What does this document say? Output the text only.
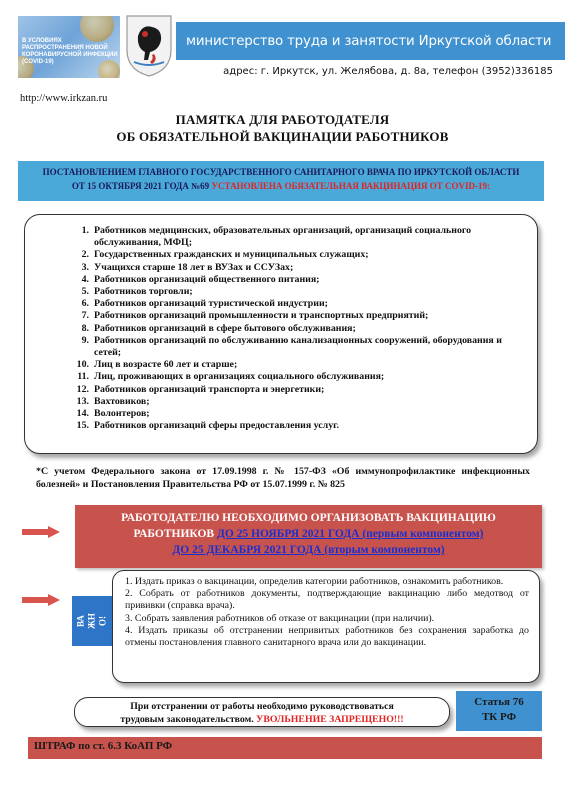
В УСЛОВИЯХ РАСПРОСТРАНЕНИЯ НОВОЙ КОРОНАВИРУСНОЙ ИНФЕКЦИИ (COVID-19)
министерство труда и занятости Иркутской области
адрес: г. Иркутск, ул. Желябова, д. 8а, телефон (3952)336185
http://www.irkzan.ru
ПАМЯТКА ДЛЯ РАБОТОДАТЕЛЯ
ОБ ОБЯЗАТЕЛЬНОЙ ВАКЦИНАЦИИ РАБОТНИКОВ
ПОСТАНОВЛЕНИЕМ ГЛАВНОГО ГОСУДАРСТВЕННОГО САНИТАРНОГО ВРАЧА ПО ИРКУТСКОЙ ОБЛАСТИ
ОТ 15 ОКТЯБРЯ 2021 ГОДА №69 УСТАНОВЛЕНА ОБЯЗАТЕЛЬНАЯ ВАКЦИНАЦИЯ ОТ COVID-19:
1. Работников медицинских, образовательных организаций, организаций социального обслуживания, МФЦ;
2. Государственных гражданских и муниципальных служащих;
3. Учащихся старше 18 лет в ВУЗах и ССУЗах;
4. Работников организаций общественного питания;
5. Работников торговли;
6. Работников организаций туристической индустрии;
7. Работников организаций промышленности и транспортных предприятий;
8. Работников организаций в сфере бытового обслуживания;
9. Работников организаций по обслуживанию канализационных сооружений, оборудования и сетей;
10. Лиц в возрасте 60 лет и старше;
11. Лиц, проживающих в организациях социального обслуживания;
12. Работников организаций транспорта и энергетики;
13. Вахтовиков;
14. Волонтеров;
15. Работников организаций сферы предоставления услуг.
*С учетом Федерального закона от 17.09.1998 г. № 157-ФЗ «Об иммунопрофилактике инфекционных болезней» и Постановления Правительства РФ от 15.07.1999 г. № 825
РАБОТОДАТЕЛЮ НЕОБХОДИМО ОРГАНИЗОВАТЬ ВАКЦИНАЦИЮ
РАБОТНИКОВ ДО 25 НОЯБРЯ 2021 ГОДА (первым компонентом)
ДО 25 ДЕКАБРЯ 2021 ГОДА (вторым компонентом)
ВА ЖН О!

1. Издать приказ о вакцинации, определив категории работников, ознакомить работников.

2. Собрать от работников документы, подтверждающие вакцинацию либо медотвод от прививки (справка врача).

3. Собрать заявления работников об отказе от вакцинации (при наличии).

4. Издать приказы об отстранении непривитых работников без сохранения заработка до отмены постановления главного санитарного врача или до вакцинации.

При отстранении от работы необходимо руководствоваться
трудовым законодательством. УВОЛЬНЕНИЕ ЗАПРЕЩЕНО!!!
Статья 76
ТК РФ
ШТРАФ по ст. 6.3 КоАП РФ
